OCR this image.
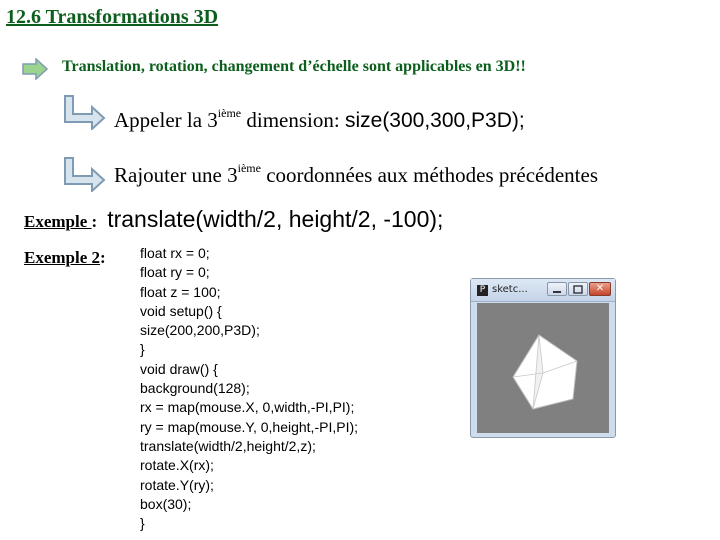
12.6 Transformations 3D
Translation, rotation, changement d’échelle sont applicables en 3D!!
Appeler la 3ième dimension: size(300,300,P3D);
Rajouter une 3ième coordonnées aux méthodes précédentes
Exemple : translate(width/2, height/2, -100);
Exemple 2: float rx = 0;
float ry = 0;
float z = 100;
void setup() {
size(200,200,P3D);
}
void draw() {
background(128);
rx = map(mouse.X, 0,width,-PI,PI);
ry = map(mouse.Y, 0,height,-PI,PI);
translate(width/2,height/2,z);
rotate.X(rx);
rotate.Y(ry);
box(30);
}
P sketc...	✕
